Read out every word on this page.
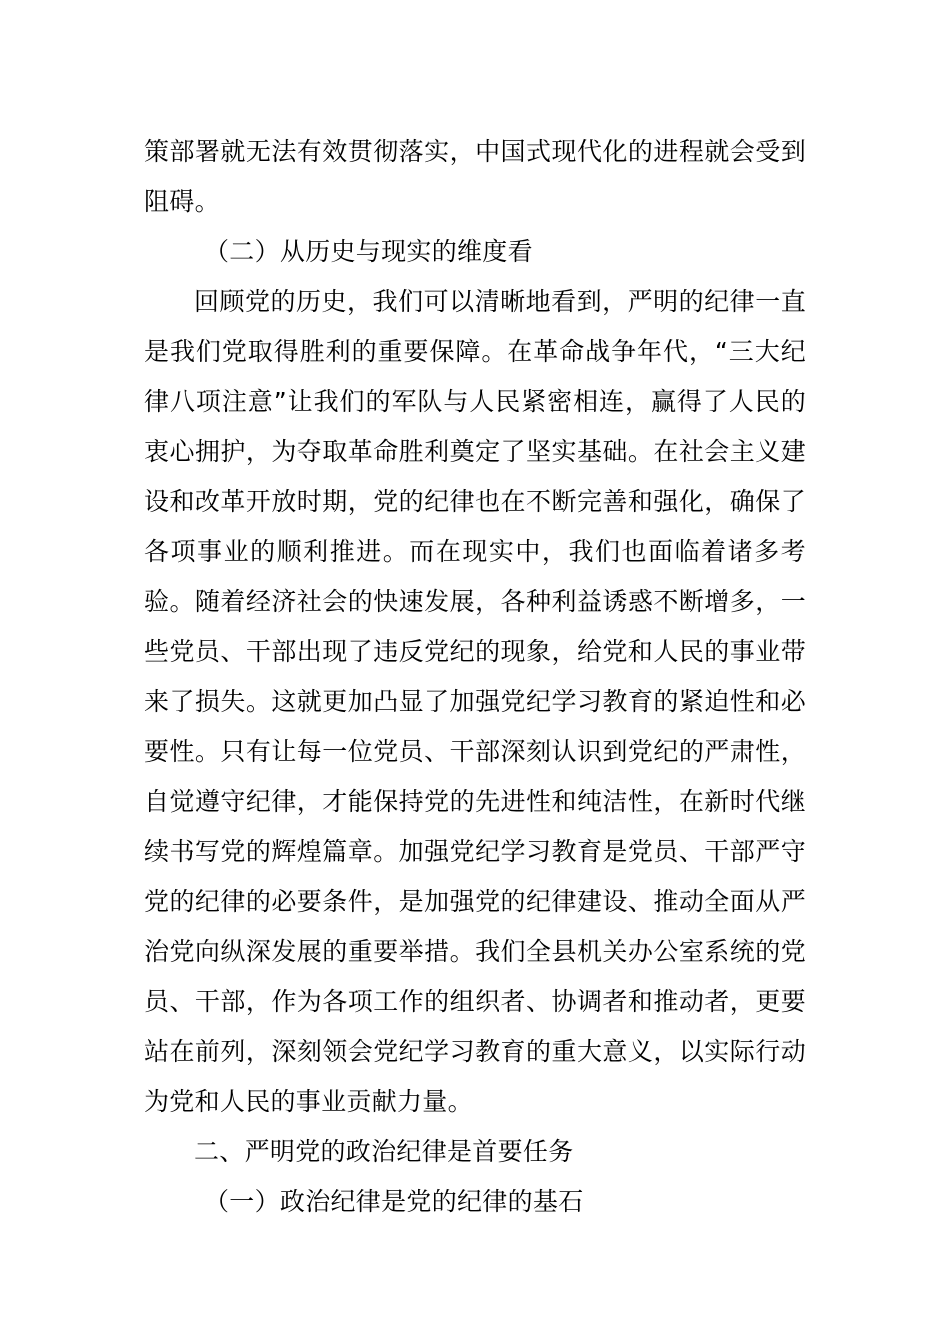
策部署就无法有效贯彻落实，中国式现代化的进程就会受到阻碍。

（二）从历史与现实的维度看

回顾党的历史，我们可以清晰地看到，严明的纪律一直是我们党取得胜利的重要保障。在革命战争年代，“三大纪律八项注意”让我们的军队与人民紧密相连，赢得了人民的衷心拥护，为夺取革命胜利奠定了坚实基础。在社会主义建设和改革开放时期，党的纪律也在不断完善和强化，确保了各项事业的顺利推进。而在现实中，我们也面临着诸多考验。随着经济社会的快速发展，各种利益诱惑不断增多，一些党员、干部出现了违反党纪的现象，给党和人民的事业带来了损失。这就更加凸显了加强党纪学习教育的紧迫性和必要性。只有让每一位党员、干部深刻认识到党纪的严肃性，自觉遵守纪律，才能保持党的先进性和纯洁性，在新时代继续书写党的辉煌篇章。加强党纪学习教育是党员、干部严守党的纪律的必要条件，是加强党的纪律建设、推动全面从严治党向纵深发展的重要举措。我们全县机关办公室系统的党员、干部，作为各项工作的组织者、协调者和推动者，更要站在前列，深刻领会党纪学习教育的重大意义，以实际行动为党和人民的事业贡献力量。

二、严明党的政治纪律是首要任务

（一）政治纪律是党的纪律的基石
